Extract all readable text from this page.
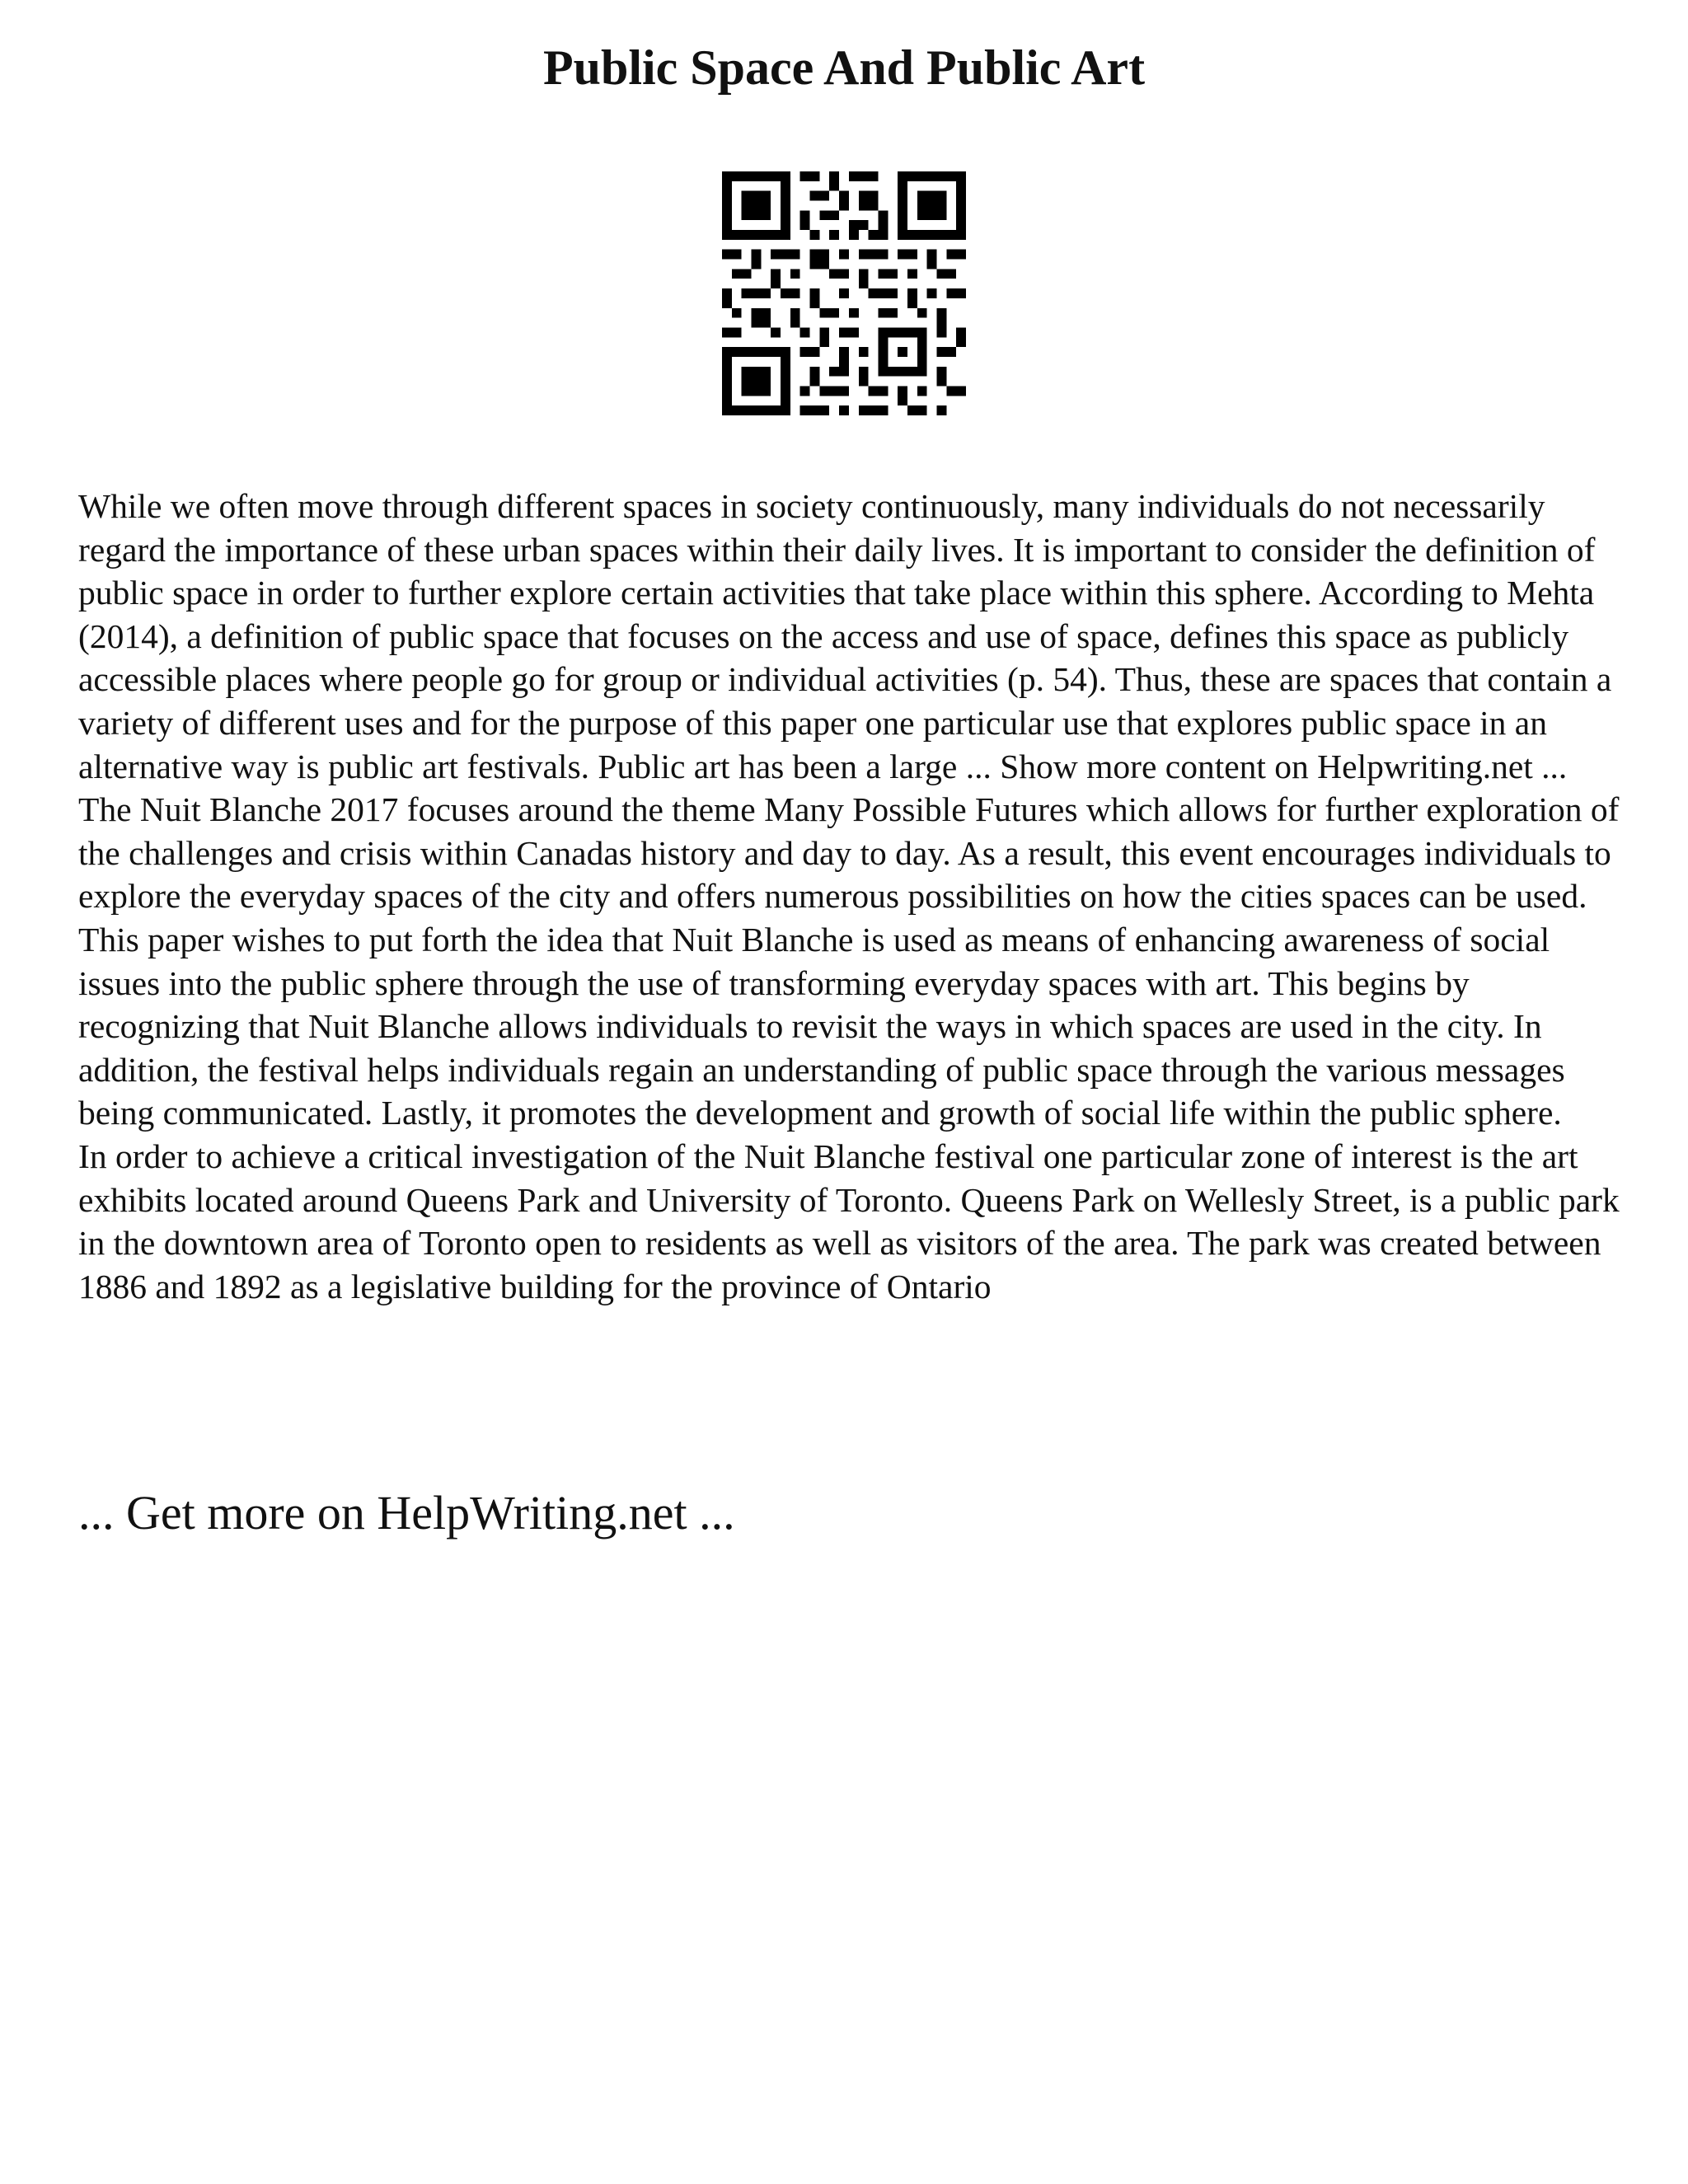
Public Space And Public Art

While we often move through different spaces in society continuously, many individuals do not necessarily regard the importance of these urban spaces within their daily lives. It is important to consider the definition of public space in order to further explore certain activities that take place within this sphere. According to Mehta (2014), a definition of public space that focuses on the access and use of space, defines this space as publicly accessible places where people go for group or individual activities (p. 54). Thus, these are spaces that contain a variety of different uses and for the purpose of this paper one particular use that explores public space in an alternative way is public art festivals. Public art has been a large ... Show more content on Helpwriting.net ...

The Nuit Blanche 2017 focuses around the theme Many Possible Futures which allows for further exploration of the challenges and crisis within Canadas history and day to day. As a result, this event encourages individuals to explore the everyday spaces of the city and offers numerous possibilities on how the cities spaces can be used. This paper wishes to put forth the idea that Nuit Blanche is used as means of enhancing awareness of social issues into the public sphere through the use of transforming everyday spaces with art. This begins by recognizing that Nuit Blanche allows individuals to revisit the ways in which spaces are used in the city. In addition, the festival helps individuals regain an understanding of public space through the various messages being communicated. Lastly, it promotes the development and growth of social life within the public sphere.

In order to achieve a critical investigation of the Nuit Blanche festival one particular zone of interest is the art exhibits located around Queens Park and University of Toronto. Queens Park on Wellesly Street, is a public park in the downtown area of Toronto open to residents as well as visitors of the area. The park was created between 1886 and 1892 as a legislative building for the province of Ontario

... Get more on HelpWriting.net ...
